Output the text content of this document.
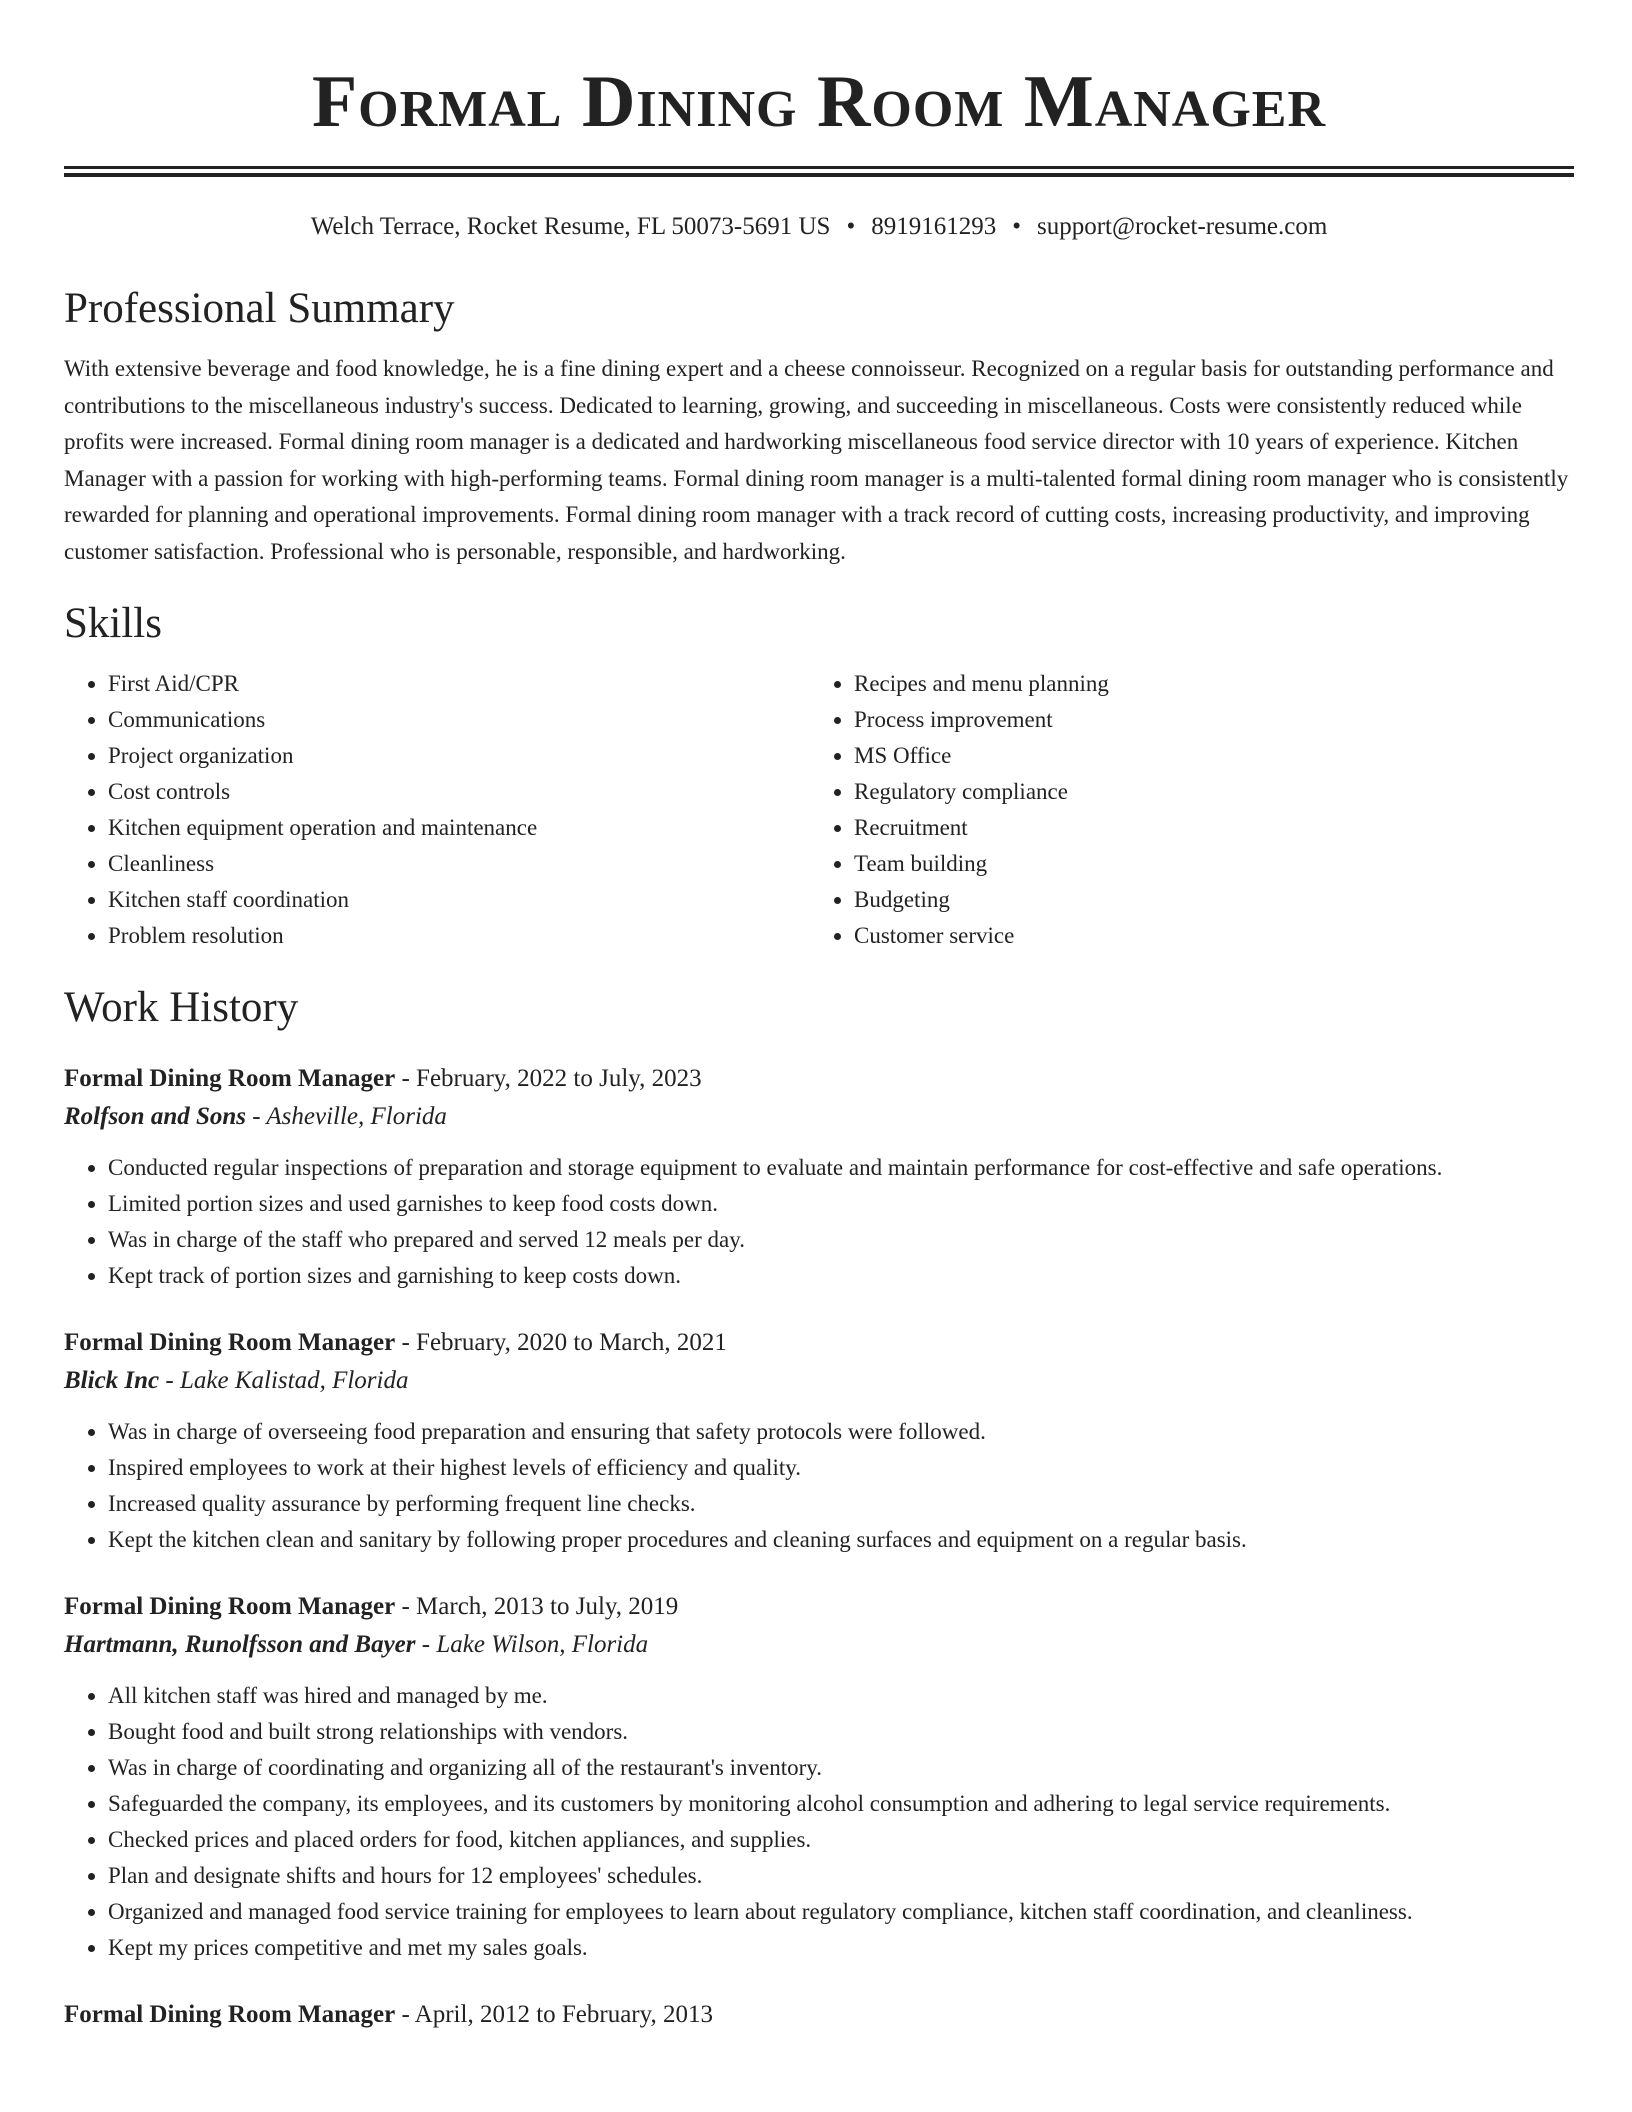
Formal Dining Room Manager
Welch Terrace, Rocket Resume, FL 50073-5691 US • 8919161293 • support@rocket-resume.com
Professional Summary

With extensive beverage and food knowledge, he is a fine dining expert and a cheese connoisseur. Recognized on a regular basis for outstanding performance and contributions to the miscellaneous industry's success. Dedicated to learning, growing, and succeeding in miscellaneous. Costs were consistently reduced while profits were increased. Formal dining room manager is a dedicated and hardworking miscellaneous food service director with 10 years of experience. Kitchen Manager with a passion for working with high-performing teams. Formal dining room manager is a multi-talented formal dining room manager who is consistently rewarded for planning and operational improvements. Formal dining room manager with a track record of cutting costs, increasing productivity, and improving customer satisfaction. Professional who is personable, responsible, and hardworking.

Skills
• First Aid/CPR
• Communications
• Project organization
• Cost controls
• Kitchen equipment operation and maintenance
• Cleanliness
• Kitchen staff coordination
• Problem resolution
• Recipes and menu planning
• Process improvement
• MS Office
• Regulatory compliance
• Recruitment
• Team building
• Budgeting
• Customer service
Work History
Formal Dining Room Manager - February, 2022 to July, 2023
Rolfson and Sons - Asheville, Florida
• Conducted regular inspections of preparation and storage equipment to evaluate and maintain performance for cost-effective and safe operations.
• Limited portion sizes and used garnishes to keep food costs down.
• Was in charge of the staff who prepared and served 12 meals per day.
• Kept track of portion sizes and garnishing to keep costs down.
Formal Dining Room Manager - February, 2020 to March, 2021
Blick Inc - Lake Kalistad, Florida
• Was in charge of overseeing food preparation and ensuring that safety protocols were followed.
• Inspired employees to work at their highest levels of efficiency and quality.
• Increased quality assurance by performing frequent line checks.
• Kept the kitchen clean and sanitary by following proper procedures and cleaning surfaces and equipment on a regular basis.
Formal Dining Room Manager - March, 2013 to July, 2019
Hartmann, Runolfsson and Bayer - Lake Wilson, Florida
• All kitchen staff was hired and managed by me.
• Bought food and built strong relationships with vendors.
• Was in charge of coordinating and organizing all of the restaurant's inventory.
• Safeguarded the company, its employees, and its customers by monitoring alcohol consumption and adhering to legal service requirements.
• Checked prices and placed orders for food, kitchen appliances, and supplies.
• Plan and designate shifts and hours for 12 employees' schedules.
• Organized and managed food service training for employees to learn about regulatory compliance, kitchen staff coordination, and cleanliness.
• Kept my prices competitive and met my sales goals.
Formal Dining Room Manager - April, 2012 to February, 2013
